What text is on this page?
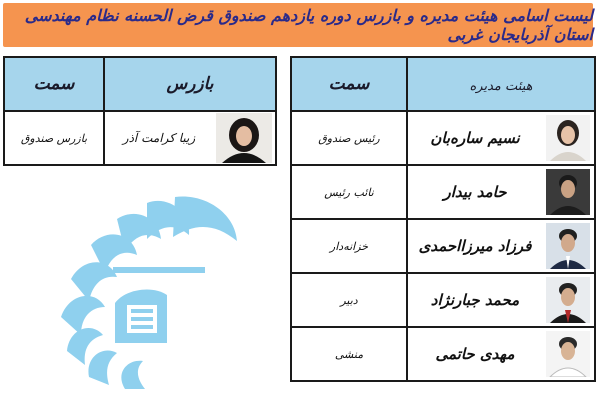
لیست اسامی هیئت مدیره و بازرس دوره یازدهم صندوق قرض الحسنه نظام مهندسی استان آذربایجان غربی
هیئت مدیره	سمت

نسیم ساره‌بان	رئیس صندوق

حامد بیدار	نائب رئیس

فرزاد میرزااحمدی	خزانه‌دار

محمد جبارنژاد	دبیر

مهدی حاتمی	منشی
بازرس	سمت

زیبا کرامت آذر	بازرس صندوق
